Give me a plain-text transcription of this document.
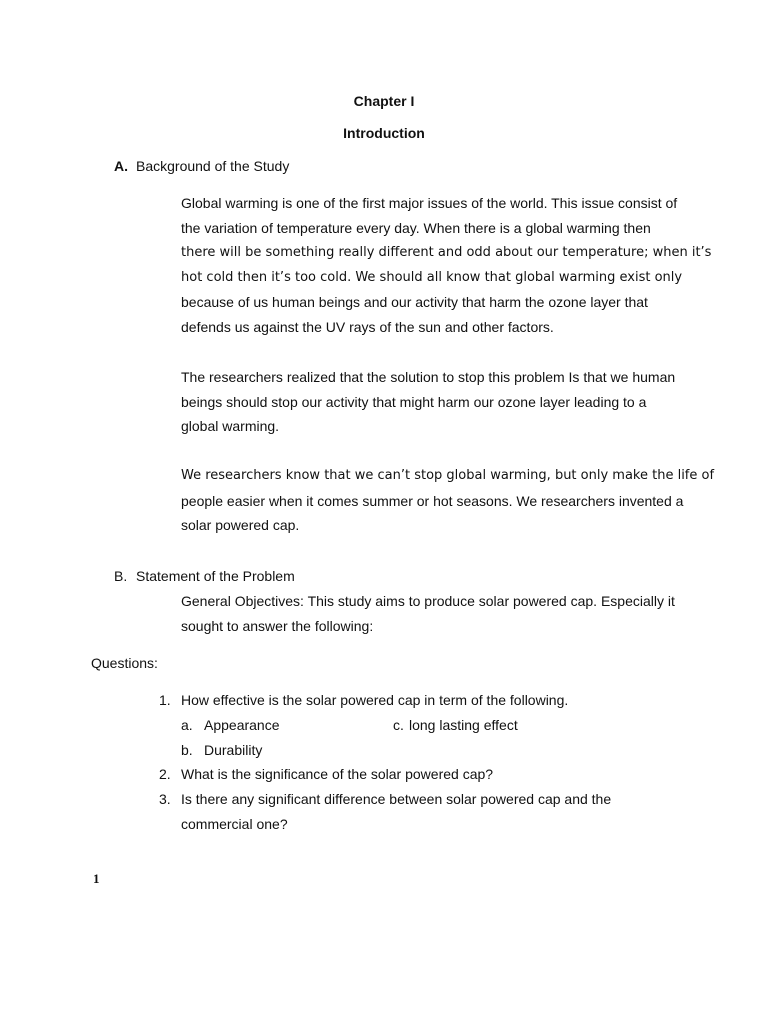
Chapter I
Introduction
A. Background of the Study
Global warming is one of the first major issues of the world. This issue consist of
the variation of temperature every day. When there is a global warming then
there will be something really different and odd about our temperature; when it’s
hot cold then it’s too cold. We should all know that global warming exist only
because of us human beings and our activity that harm the ozone layer that
defends us against the UV rays of the sun and other factors.
The researchers realized that the solution to stop this problem Is that we human
beings should stop our activity that might harm our ozone layer leading to a
global warming.
We researchers know that we can’t stop global warming, but only make the life of
people easier when it comes summer or hot seasons. We researchers invented a
solar powered cap.
B. Statement of the Problem
General Objectives: This study aims to produce solar powered cap. Especially it
sought to answer the following:
Questions:
1. How effective is the solar powered cap in term of the following.
a. Appearance	c. long lasting effect
b. Durability
2. What is the significance of the solar powered cap?
3. Is there any significant difference between solar powered cap and the
commercial one?
1
